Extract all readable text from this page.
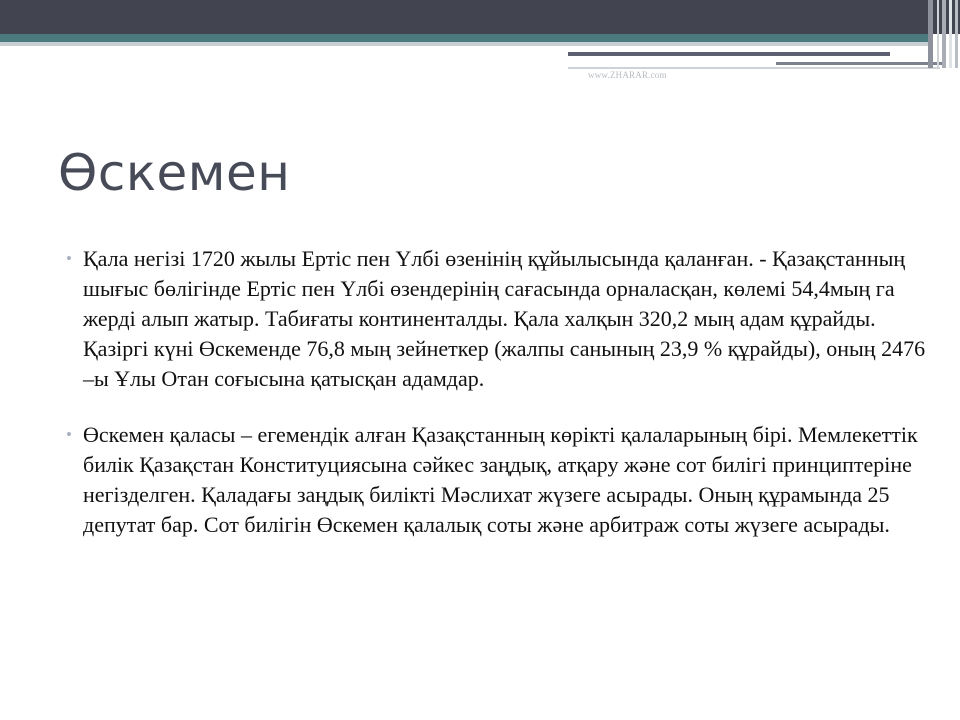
www.ZHARAR.com
Өскемен
• Қала негізі 1720 жылы Ертіс пен Үлбі өзенінің құйылысында қаланған. - Қазақстанның шығыс бөлігінде Ертіс пен Үлбі өзендерінің сағасында орналасқан, көлемі 54,4мың га жерді алып жатыр. Табиғаты континенталды. Қала халқын 320,2 мың адам құрайды. Қазіргі күні Өскеменде 76,8 мың зейнеткер (жалпы санының 23,9 % құрайды), оның 2476 –ы Ұлы Отан соғысына қатысқан адамдар.
• Өскемен қаласы – егемендік алған Қазақстанның көрікті қалаларының бірі. Мемлекеттік билік Қазақстан Конституциясына сәйкес заңдық, атқару және сот билігі принциптеріне негізделген. Қаладағы заңдық билікті Мәслихат жүзеге асырады. Оның құрамында 25 депутат бар. Сот билігін Өскемен қалалық соты және арбитраж соты жүзеге асырады.
